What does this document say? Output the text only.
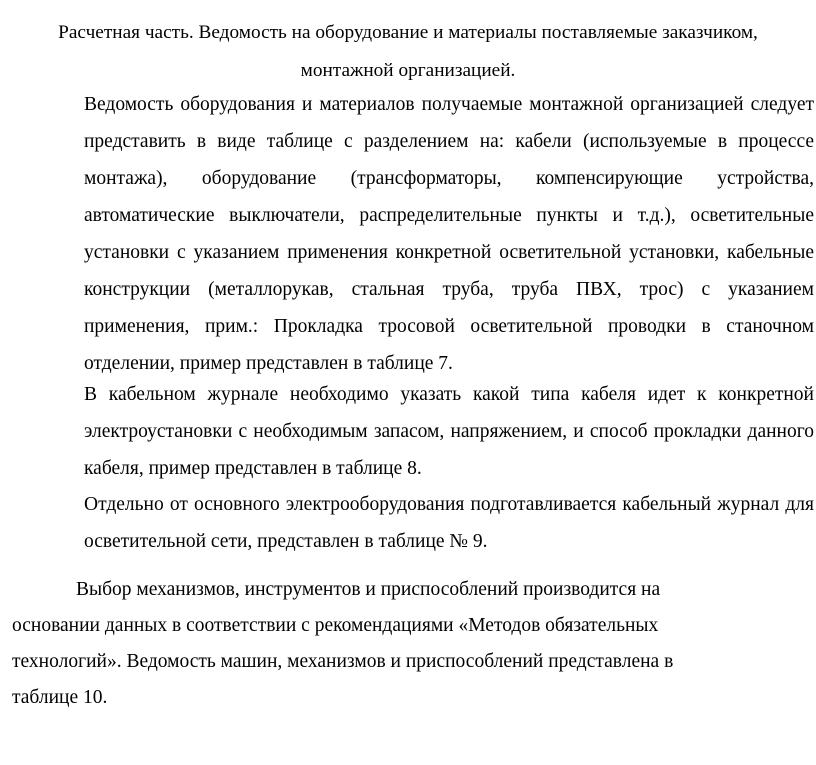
Расчетная часть. Ведомость на оборудование и материалы поставляемые заказчиком,
монтажной организацией.
Ведомость оборудования и материалов получаемые монтажной организацией следует представить в виде таблице с разделением на: кабели (используемые в процессе монтажа), оборудование (трансформаторы, компенсирующие устройства, автоматические выключатели, распределительные пункты и т.д.), осветительные установки с указанием применения конкретной осветительной установки, кабельные конструкции (металлорукав, стальная труба, труба ПВХ, трос) с указанием применения, прим.: Прокладка тросовой осветительной проводки в станочном отделении, пример представлен в таблице 7.
В кабельном журнале необходимо указать какой типа кабеля идет к конкретной электроустановки с необходимым запасом, напряжением, и способ прокладки данного кабеля, пример представлен в таблице 8.
Отдельно от основного электрооборудования подготавливается кабельный журнал для осветительной сети, представлен в таблице № 9.
Выбор механизмов, инструментов и приспособлений производится на основании данных в соответствии с рекомендациями «Методов обязательных технологий». Ведомость машин, механизмов и приспособлений представлена в таблице 10.
